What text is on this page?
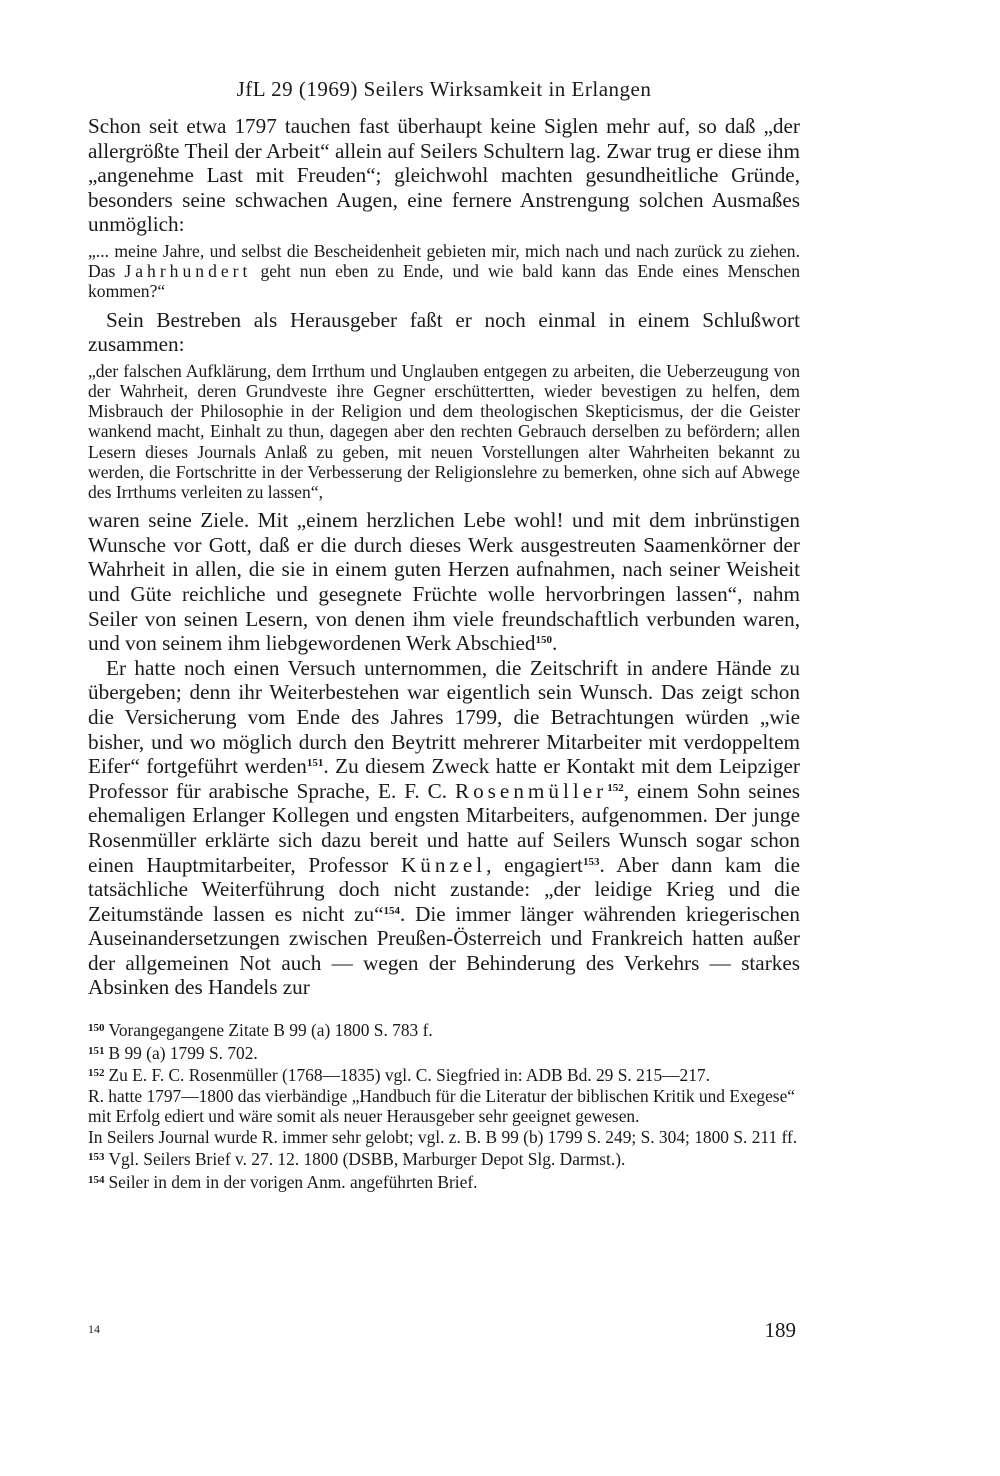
JfL 29 (1969) Seilers Wirksamkeit in Erlangen

Schon seit etwa 1797 tauchen fast überhaupt keine Siglen mehr auf, so daß „der allergrößte Theil der Arbeit“ allein auf Seilers Schultern lag. Zwar trug er diese ihm „angenehme Last mit Freuden“; gleichwohl machten gesundheitliche Gründe, besonders seine schwachen Augen, eine fernere Anstrengung solchen Ausmaßes unmöglich:

„... meine Jahre, und selbst die Bescheidenheit gebieten mir, mich nach und nach zurück zu ziehen. Das Jahrhundert geht nun eben zu Ende, und wie bald kann das Ende eines Menschen kommen?“

Sein Bestreben als Herausgeber faßt er noch einmal in einem Schlußwort zusammen:

„der falschen Aufklärung, dem Irrthum und Unglauben entgegen zu arbeiten, die Ueberzeugung von der Wahrheit, deren Grundveste ihre Gegner erschüttertten, wieder bevestigen zu helfen, dem Misbrauch der Philosophie in der Religion und dem theologischen Skepticismus, der die Geister wankend macht, Einhalt zu thun, dagegen aber den rechten Gebrauch derselben zu befördern; allen Lesern dieses Journals Anlaß zu geben, mit neuen Vorstellungen alter Wahrheiten bekannt zu werden, die Fortschritte in der Verbesserung der Religionslehre zu bemerken, ohne sich auf Abwege des Irrthums verleiten zu lassen“,

waren seine Ziele. Mit „einem herzlichen Lebe wohl! und mit dem inbrünstigen Wunsche vor Gott, daß er die durch dieses Werk ausgestreuten Saamenkörner der Wahrheit in allen, die sie in einem guten Herzen aufnahmen, nach seiner Weisheit und Güte reichliche und gesegnete Früchte wolle hervorbringen lassen“, nahm Seiler von seinen Lesern, von denen ihm viele freundschaftlich verbunden waren, und von seinem ihm liebgewordenen Werk Abschied$^{150}$.

Er hatte noch einen Versuch unternommen, die Zeitschrift in andere Hände zu übergeben; denn ihr Weiterbestehen war eigentlich sein Wunsch. Das zeigt schon die Versicherung vom Ende des Jahres 1799, die Betrachtungen würden „wie bisher, und wo möglich durch den Beytritt mehrerer Mitarbeiter mit verdoppeltem Eifer“ fortgeführt werden$^{151}$. Zu diesem Zweck hatte er Kontakt mit dem Leipziger Professor für arabische Sprache, E. F. C. Rosenmüller$^{152}$, einem Sohn seines ehemaligen Erlanger Kollegen und engsten Mitarbeiters, aufgenommen. Der junge Rosenmüller erklärte sich dazu bereit und hatte auf Seilers Wunsch sogar schon einen Hauptmitarbeiter, Professor Künzel, engagiert$^{153}$. Aber dann kam die tatsächliche Weiterführung doch nicht zustande: „der leidige Krieg und die Zeitumstände lassen es nicht zu“$^{154}$. Die immer länger währenden kriegerischen Auseinandersetzungen zwischen Preußen-Österreich und Frankreich hatten außer der allgemeinen Not auch — wegen der Behinderung des Verkehrs — starkes Absinken des Handels zur

$^{150}$ Vorangegangene Zitate B 99 (a) 1800 S. 783 f.

$^{151}$ B 99 (a) 1799 S. 702.

$^{152}$ Zu E. F. C. Rosenmüller (1768—1835) vgl. C. Siegfried in: ADB Bd. 29 S. 215—217.

R. hatte 1797—1800 das vierbändige „Handbuch für die Literatur der biblischen Kritik und Exegese“ mit Erfolg ediert und wäre somit als neuer Herausgeber sehr geeignet gewesen.

In Seilers Journal wurde R. immer sehr gelobt; vgl. z. B. B 99 (b) 1799 S. 249; S. 304; 1800 S. 211 ff.

$^{153}$ Vgl. Seilers Brief v. 27. 12. 1800 (DSBB, Marburger Depot Slg. Darmst.).

$^{154}$ Seiler in dem in der vorigen Anm. angeführten Brief.

14	189
